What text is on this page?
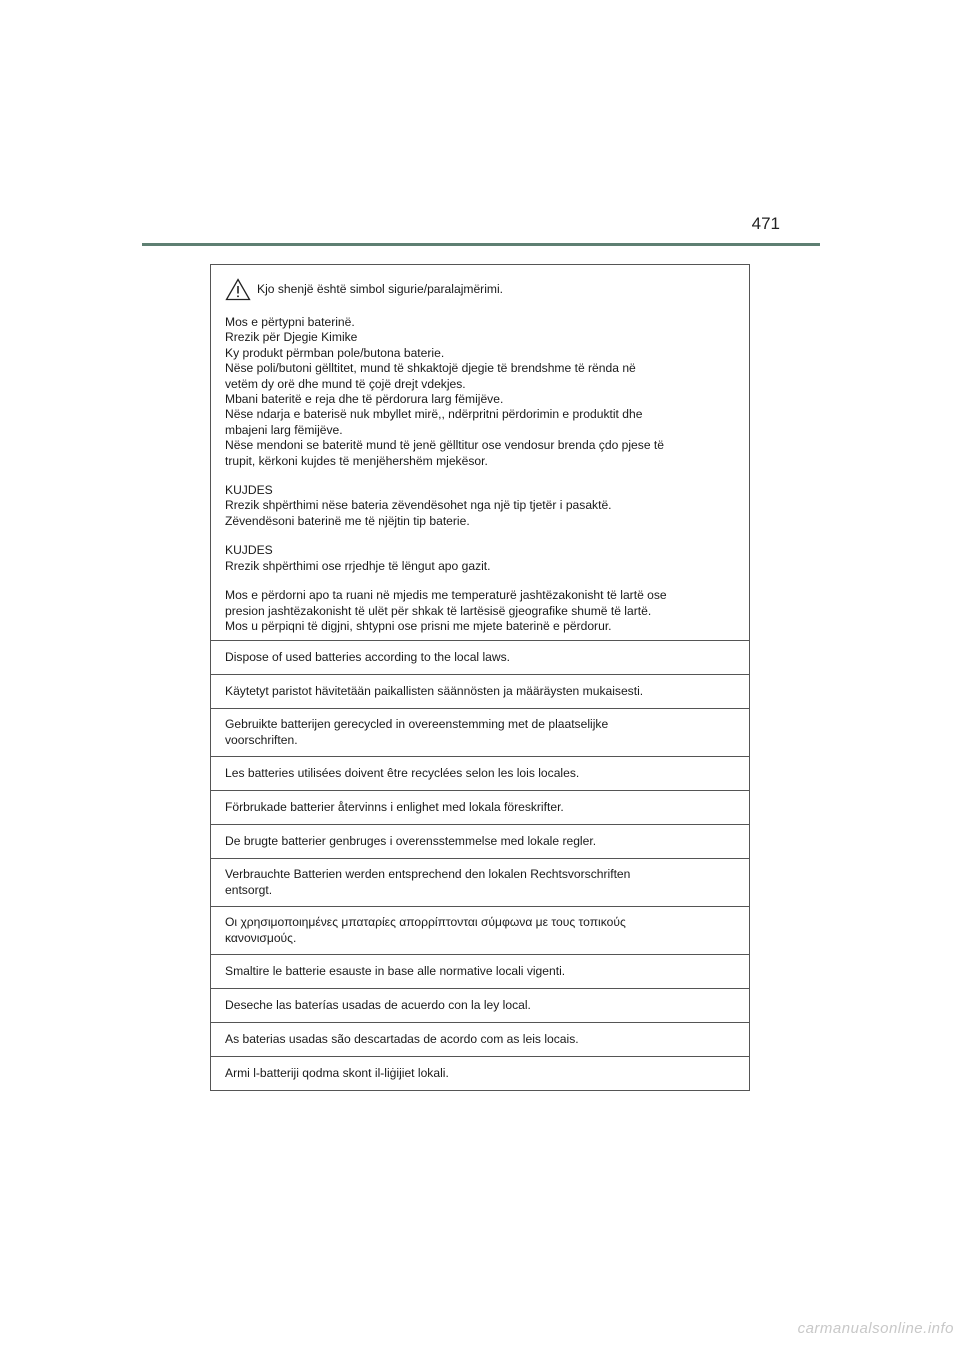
471
Kjo shenjë është simbol sigurie/paralajmërimi.

Mos e përtypni baterinë.
Rrezik për Djegie Kimike
Ky produkt përmban pole/butona baterie.
Nëse poli/butoni gëlltitet, mund të shkaktojë djegie të brendshme të rënda në
vetëm dy orë dhe mund të çojë drejt vdekjes.
Mbani bateritë e reja dhe të përdorura larg fëmijëve.
Nëse ndarja e baterisë nuk mbyllet mirë,, ndërpritni përdorimin e produktit dhe
mbajeni larg fëmijëve.
Nëse mendoni se bateritë mund të jenë gëlltitur ose vendosur brenda çdo pjese të
trupit, kërkoni kujdes të menjëhershëm mjekësor.

KUJDES
Rrezik shpërthimi nëse bateria zëvendësohet nga një tip tjetër i pasaktë.
Zëvendësoni baterinë me të njëjtin tip baterie.

KUJDES
Rrezik shpërthimi ose rrjedhje të lëngut apo gazit.

Mos e përdorni apo ta ruani në mjedis me temperaturë jashtëzakonisht të lartë ose
presion jashtëzakonisht të ulët për shkak të lartësisë gjeografike shumë të lartë.
Mos u përpiqni të digjni, shtypni ose prisni me mjete baterinë e përdorur.

Dispose of used batteries according to the local laws.
Käytetyt paristot hävitetään paikallisten säännösten ja määräysten mukaisesti.
Gebruikte batterijen gerecycled in overeenstemming met de plaatselijke
voorschriften.
Les batteries utilisées doivent être recyclées selon les lois locales.
Förbrukade batterier återvinns i enlighet med lokala föreskrifter.
De brugte batterier genbruges i overensstemmelse med lokale regler.
Verbrauchte Batterien werden entsprechend den lokalen Rechtsvorschriften
entsorgt.
Οι χρησιμοποιημένες μπαταρίες απορρίπτονται σύμφωνα με τους τοπικούς
κανονισμούς.
Smaltire le batterie esauste in base alle normative locali vigenti.
Deseche las baterías usadas de acuerdo con la ley local.
As baterias usadas são descartadas de acordo com as leis locais.
Armi l-batteriji qodma skont il-liġijiet lokali.
carmanualsonline.info
